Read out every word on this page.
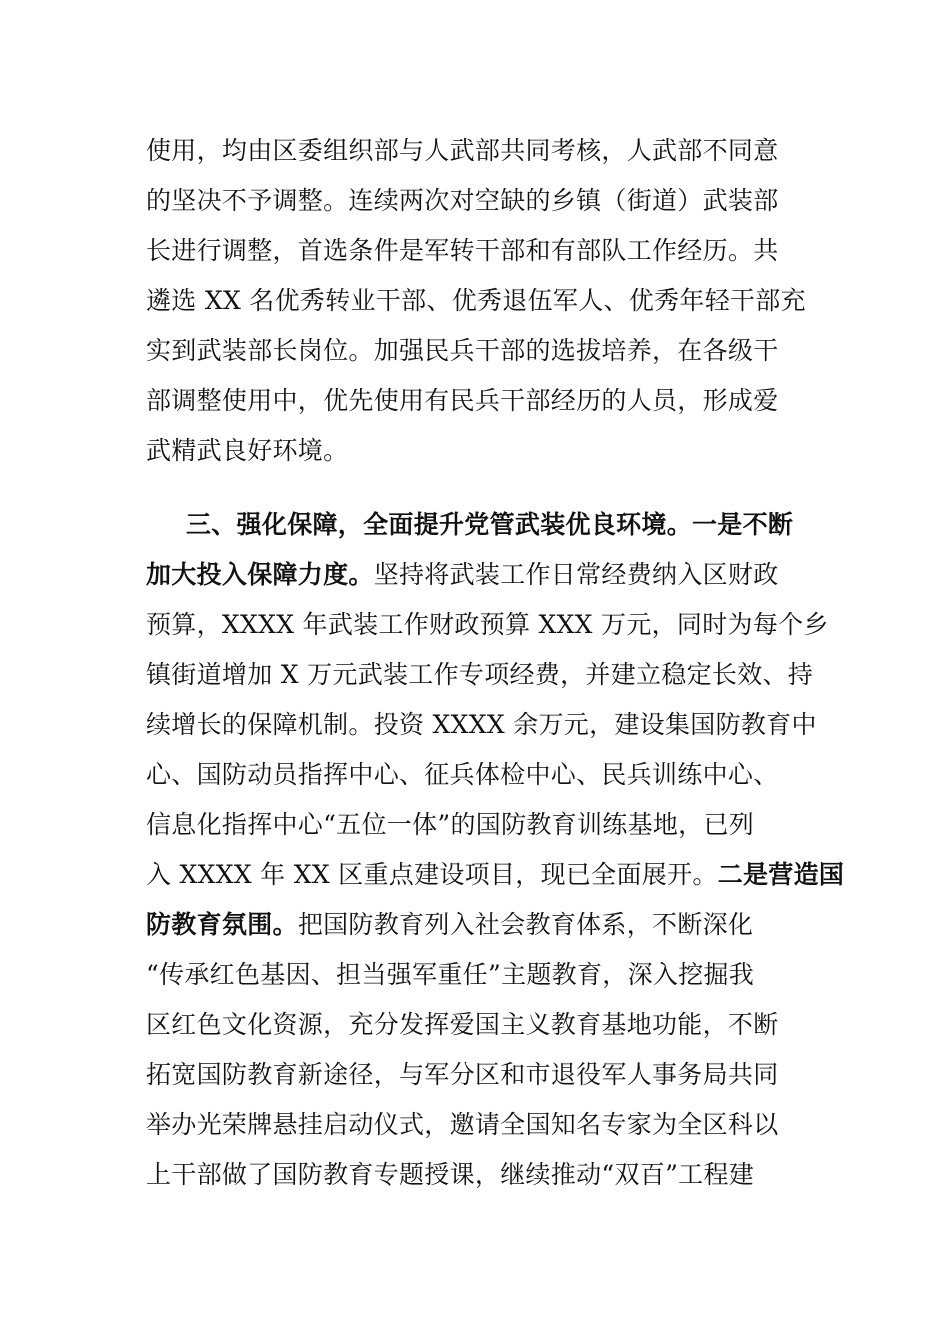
使用，均由区委组织部与人武部共同考核，人武部不同意
的坚决不予调整。连续两次对空缺的乡镇（街道）武装部
长进行调整，首选条件是军转干部和有部队工作经历。共
遴选 XX 名优秀转业干部、优秀退伍军人、优秀年轻干部充
实到武装部长岗位。加强民兵干部的选拔培养，在各级干
部调整使用中，优先使用有民兵干部经历的人员，形成爱
武精武良好环境。
三、强化保障，全面提升党管武装优良环境。一是不断
加大投入保障力度。坚持将武装工作日常经费纳入区财政
预算，XXXX 年武装工作财政预算 XXX 万元，同时为每个乡
镇街道增加 X 万元武装工作专项经费，并建立稳定长效、持
续增长的保障机制。投资 XXXX 余万元，建设集国防教育中
心、国防动员指挥中心、征兵体检中心、民兵训练中心、
信息化指挥中心“五位一体”的国防教育训练基地，已列
入 XXXX 年 XX 区重点建设项目，现已全面展开。二是营造国
防教育氛围。把国防教育列入社会教育体系，不断深化
“传承红色基因、担当强军重任”主题教育，深入挖掘我
区红色文化资源，充分发挥爱国主义教育基地功能，不断
拓宽国防教育新途径，与军分区和市退役军人事务局共同
举办光荣牌悬挂启动仪式，邀请全国知名专家为全区科以
上干部做了国防教育专题授课，继续推动“双百”工程建
